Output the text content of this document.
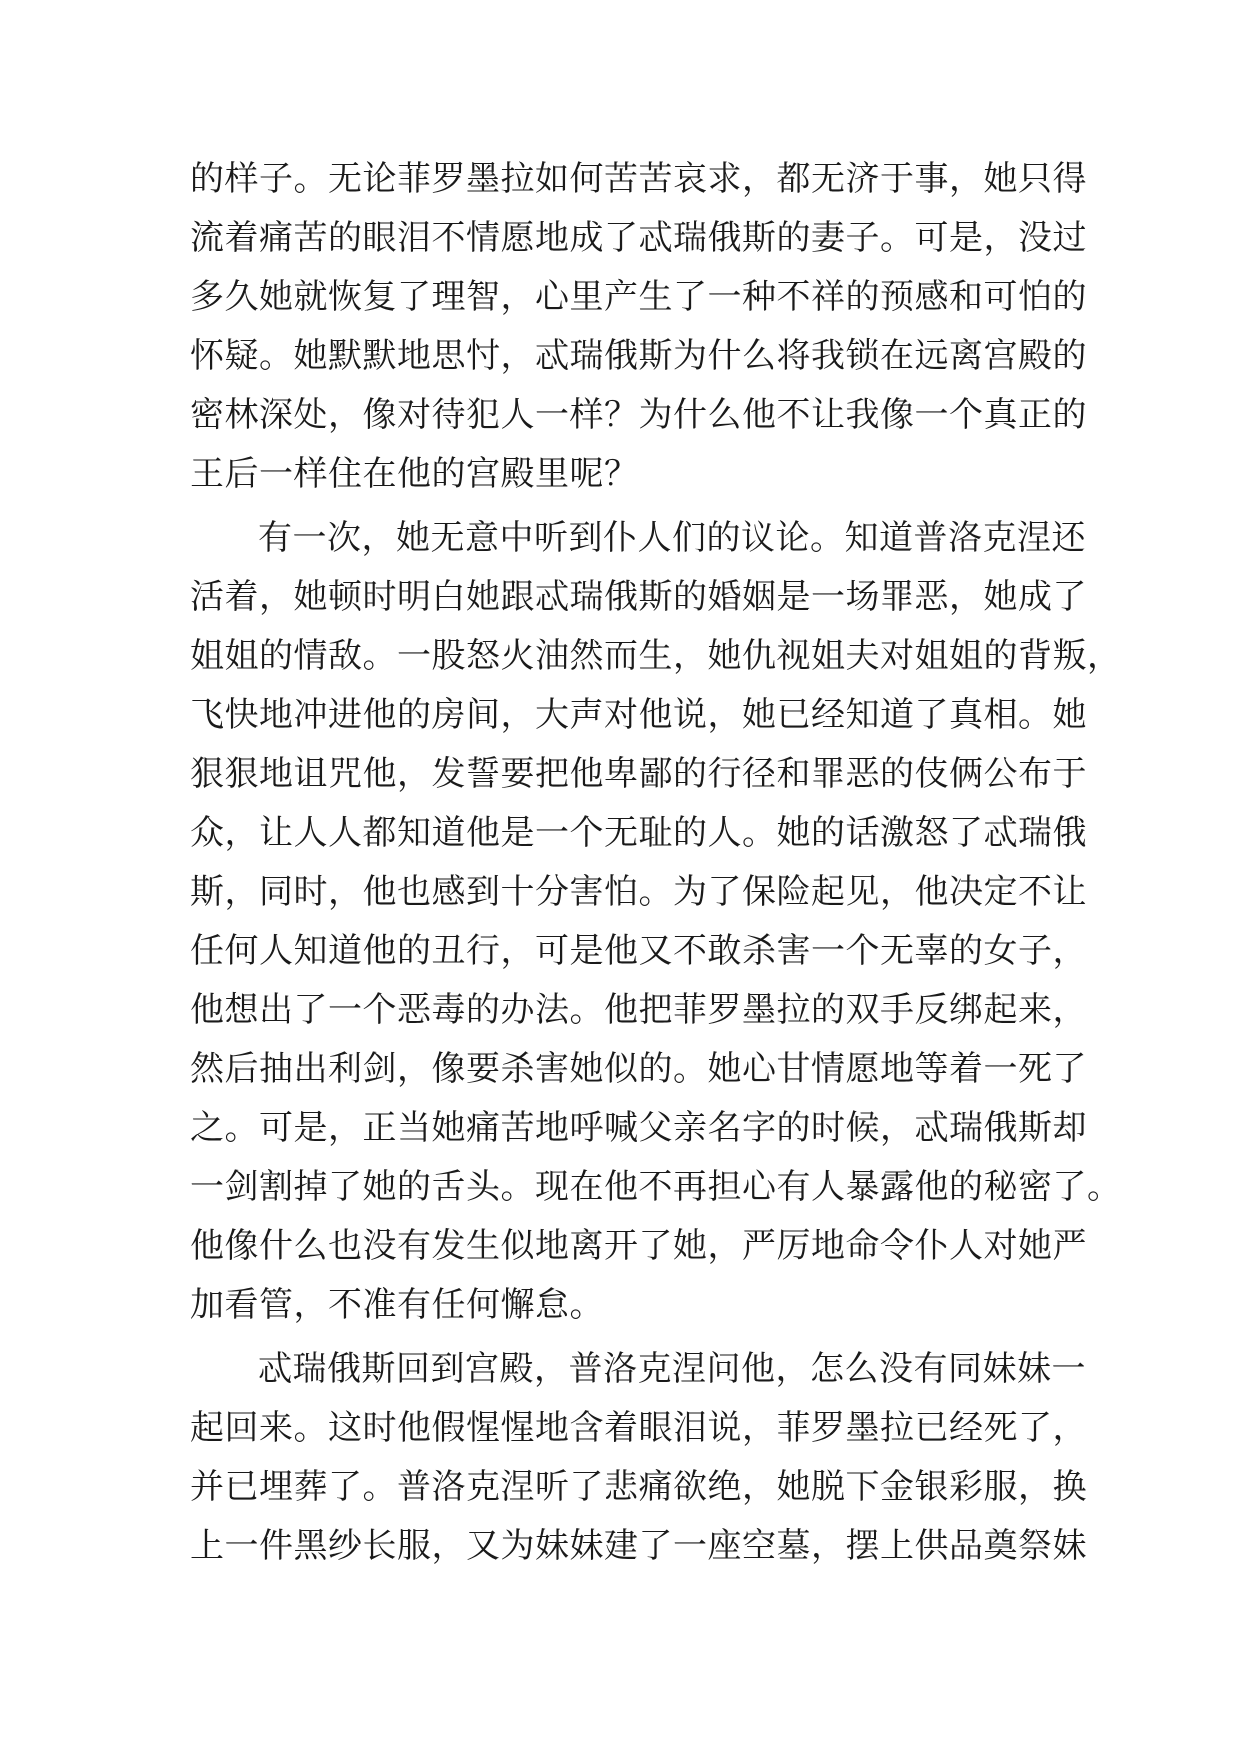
的样子。无论菲罗墨拉如何苦苦哀求，都无济于事，她只得
流着痛苦的眼泪不情愿地成了忒瑞俄斯的妻子。可是，没过
多久她就恢复了理智，心里产生了一种不祥的预感和可怕的
怀疑。她默默地思忖，忒瑞俄斯为什么将我锁在远离宫殿的
密林深处，像对待犯人一样？为什么他不让我像一个真正的
王后一样住在他的宫殿里呢？
有一次，她无意中听到仆人们的议论。知道普洛克涅还
活着，她顿时明白她跟忒瑞俄斯的婚姻是一场罪恶，她成了
姐姐的情敌。一股怒火油然而生，她仇视姐夫对姐姐的背叛，
飞快地冲进他的房间，大声对他说，她已经知道了真相。她
狠狠地诅咒他，发誓要把他卑鄙的行径和罪恶的伎俩公布于
众，让人人都知道他是一个无耻的人。她的话激怒了忒瑞俄
斯，同时，他也感到十分害怕。为了保险起见，他决定不让
任何人知道他的丑行，可是他又不敢杀害一个无辜的女子，
他想出了一个恶毒的办法。他把菲罗墨拉的双手反绑起来，
然后抽出利剑，像要杀害她似的。她心甘情愿地等着一死了
之。可是，正当她痛苦地呼喊父亲名字的时候，忒瑞俄斯却
一剑割掉了她的舌头。现在他不再担心有人暴露他的秘密了。
他像什么也没有发生似地离开了她，严厉地命令仆人对她严
加看管，不准有任何懈怠。
忒瑞俄斯回到宫殿，普洛克涅问他，怎么没有同妹妹一
起回来。这时他假惺惺地含着眼泪说，菲罗墨拉已经死了，
并已埋葬了。普洛克涅听了悲痛欲绝，她脱下金银彩服，换
上一件黑纱长服，又为妹妹建了一座空墓，摆上供品奠祭妹
